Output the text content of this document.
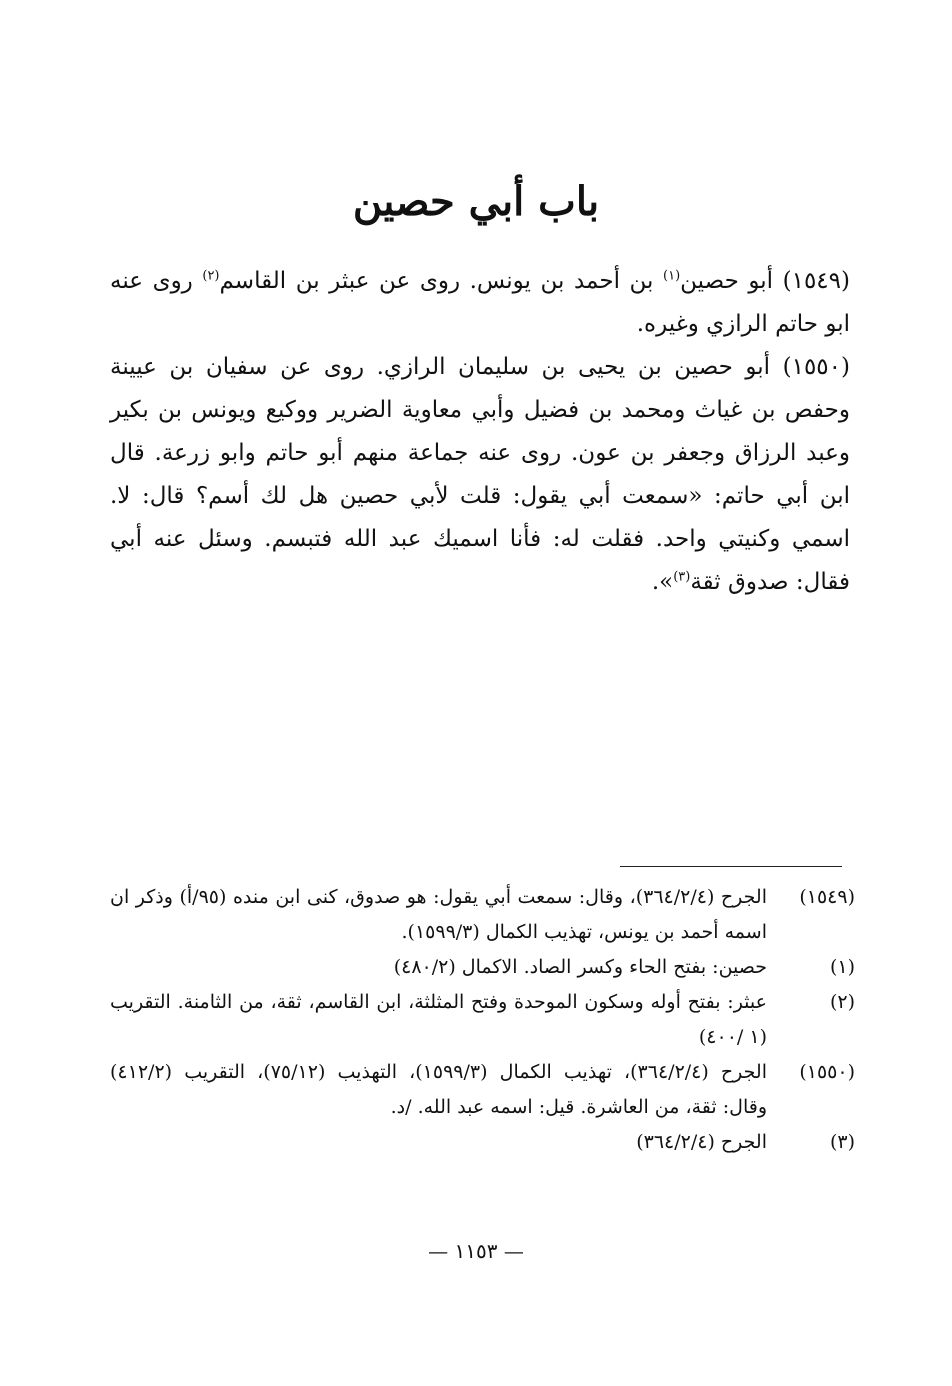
باب أبي حصين

(١٥٤٩) أبو حصين$^{(١)}$ بن أحمد بن يونس. روى عن عبثر بن القاسم$^{(٢)}$ روى عنه ابو حاتم الرازي وغيره.

(١٥٥٠) أبو حصين بن يحيى بن سليمان الرازي. روى عن سفيان بن عيينة وحفص بن غياث ومحمد بن فضيل وأبي معاوية الضرير ووكيع ويونس بن بكير وعبد الرزاق وجعفر بن عون. روى عنه جماعة منهم أبو حاتم وابو زرعة. قال ابن أبي حاتم: «سمعت أبي يقول: قلت لأبي حصين هل لك أسم؟ قال: لا. اسمي وكنيتي واحد. فقلت له: فأنا اسميك عبد الله فتبسم. وسئل عنه أبي فقال: صدوق ثقة$^{(٣)}$».

(١٥٤٩)
الجرح (٣٦٤/٢/٤)، وقال: سمعت أبي يقول: هو صدوق، كنى ابن منده (٩٥/أ) وذكر ان اسمه أحمد بن يونس، تهذيب الكمال (١٥٩٩/٣).
(١)
حصين: بفتح الحاء وكسر الصاد. الاكمال (٤٨٠/٢)
(٢)
عبثر: بفتح أوله وسكون الموحدة وفتح المثلثة، ابن القاسم، ثقة، من الثامنة. التقريب (١ /٤٠٠)
(١٥٥٠)
الجرح (٣٦٤/٢/٤)، تهذيب الكمال (١٥٩٩/٣)، التهذيب (٧٥/١٢)، التقريب (٤١٢/٢) وقال: ثقة، من العاشرة. قيل: اسمه عبد الله. /د.
(٣)
الجرح (٣٦٤/٢/٤)
— ١١٥٣ —
